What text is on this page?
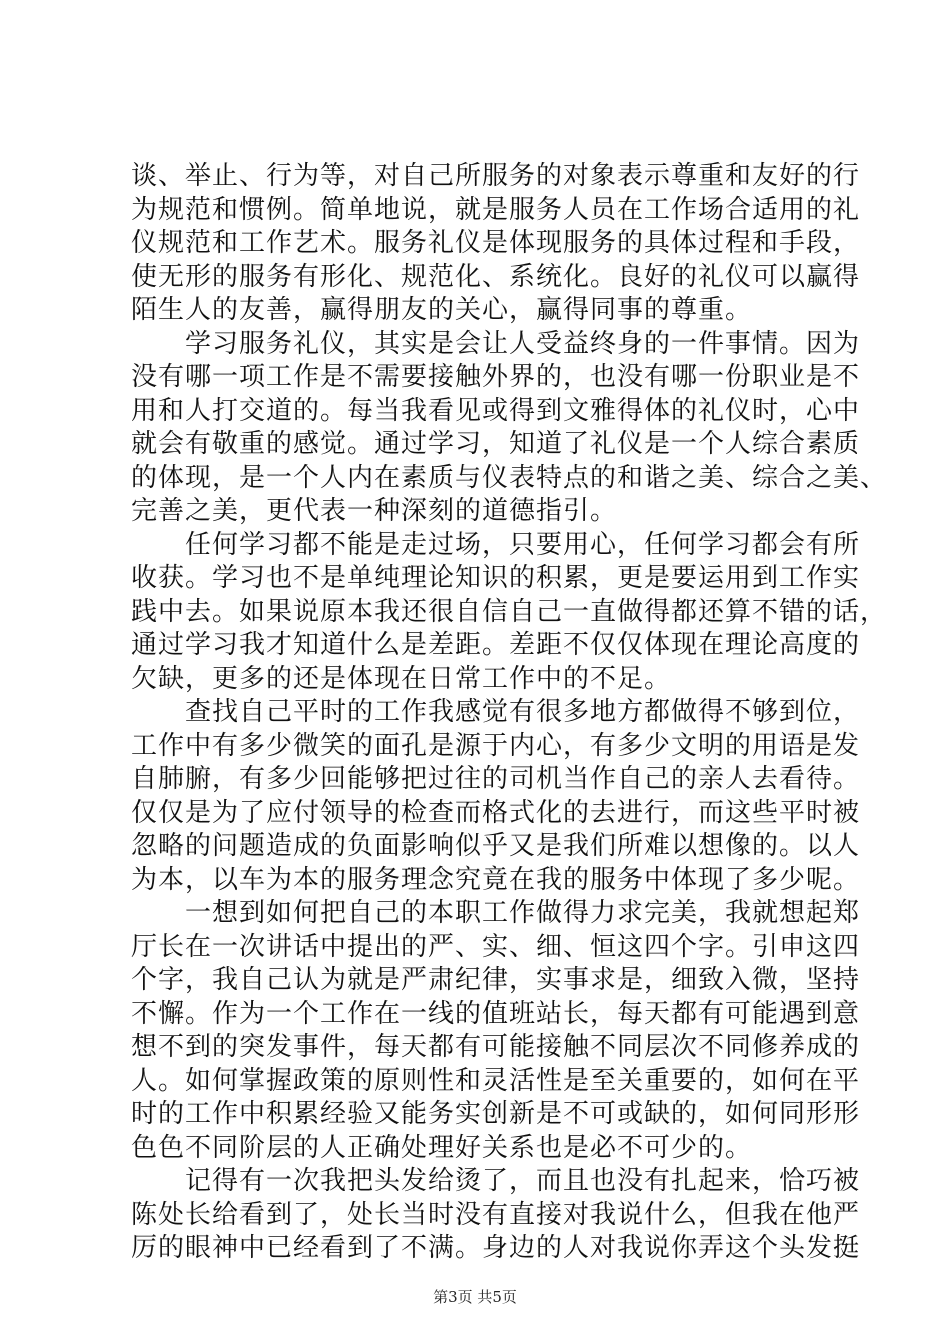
谈、举止、行为等，对自己所服务的对象表示尊重和友好的行
为规范和惯例。简单地说，就是服务人员在工作场合适用的礼
仪规范和工作艺术。服务礼仪是体现服务的具体过程和手段，
使无形的服务有形化、规范化、系统化。良好的礼仪可以赢得
陌生人的友善，赢得朋友的关心，赢得同事的尊重。
　　学习服务礼仪，其实是会让人受益终身的一件事情。因为
没有哪一项工作是不需要接触外界的，也没有哪一份职业是不
用和人打交道的。每当我看见或得到文雅得体的礼仪时，心中
就会有敬重的感觉。通过学习，知道了礼仪是一个人综合素质
的体现，是一个人内在素质与仪表特点的和谐之美、综合之美、
完善之美，更代表一种深刻的道德指引。
　　任何学习都不能是走过场，只要用心，任何学习都会有所
收获。学习也不是单纯理论知识的积累，更是要运用到工作实
践中去。如果说原本我还很自信自己一直做得都还算不错的话，
通过学习我才知道什么是差距。差距不仅仅体现在理论高度的
欠缺，更多的还是体现在日常工作中的不足。
　　查找自己平时的工作我感觉有很多地方都做得不够到位，
工作中有多少微笑的面孔是源于内心，有多少文明的用语是发
自肺腑，有多少回能够把过往的司机当作自己的亲人去看待。
仅仅是为了应付领导的检查而格式化的去进行，而这些平时被
忽略的问题造成的负面影响似乎又是我们所难以想像的。以人
为本，以车为本的服务理念究竟在我的服务中体现了多少呢。
　　一想到如何把自己的本职工作做得力求完美，我就想起郑
厅长在一次讲话中提出的严、实、细、恒这四个字。引申这四
个字，我自己认为就是严肃纪律，实事求是，细致入微，坚持
不懈。作为一个工作在一线的值班站长，每天都有可能遇到意
想不到的突发事件，每天都有可能接触不同层次不同修养成的
人。如何掌握政策的原则性和灵活性是至关重要的，如何在平
时的工作中积累经验又能务实创新是不可或缺的，如何同形形
色色不同阶层的人正确处理好关系也是必不可少的。
　　记得有一次我把头发给烫了，而且也没有扎起来，恰巧被
陈处长给看到了，处长当时没有直接对我说什么，但我在他严
厉的眼神中已经看到了不满。身边的人对我说你弄这个头发挺
第3页 共5页
